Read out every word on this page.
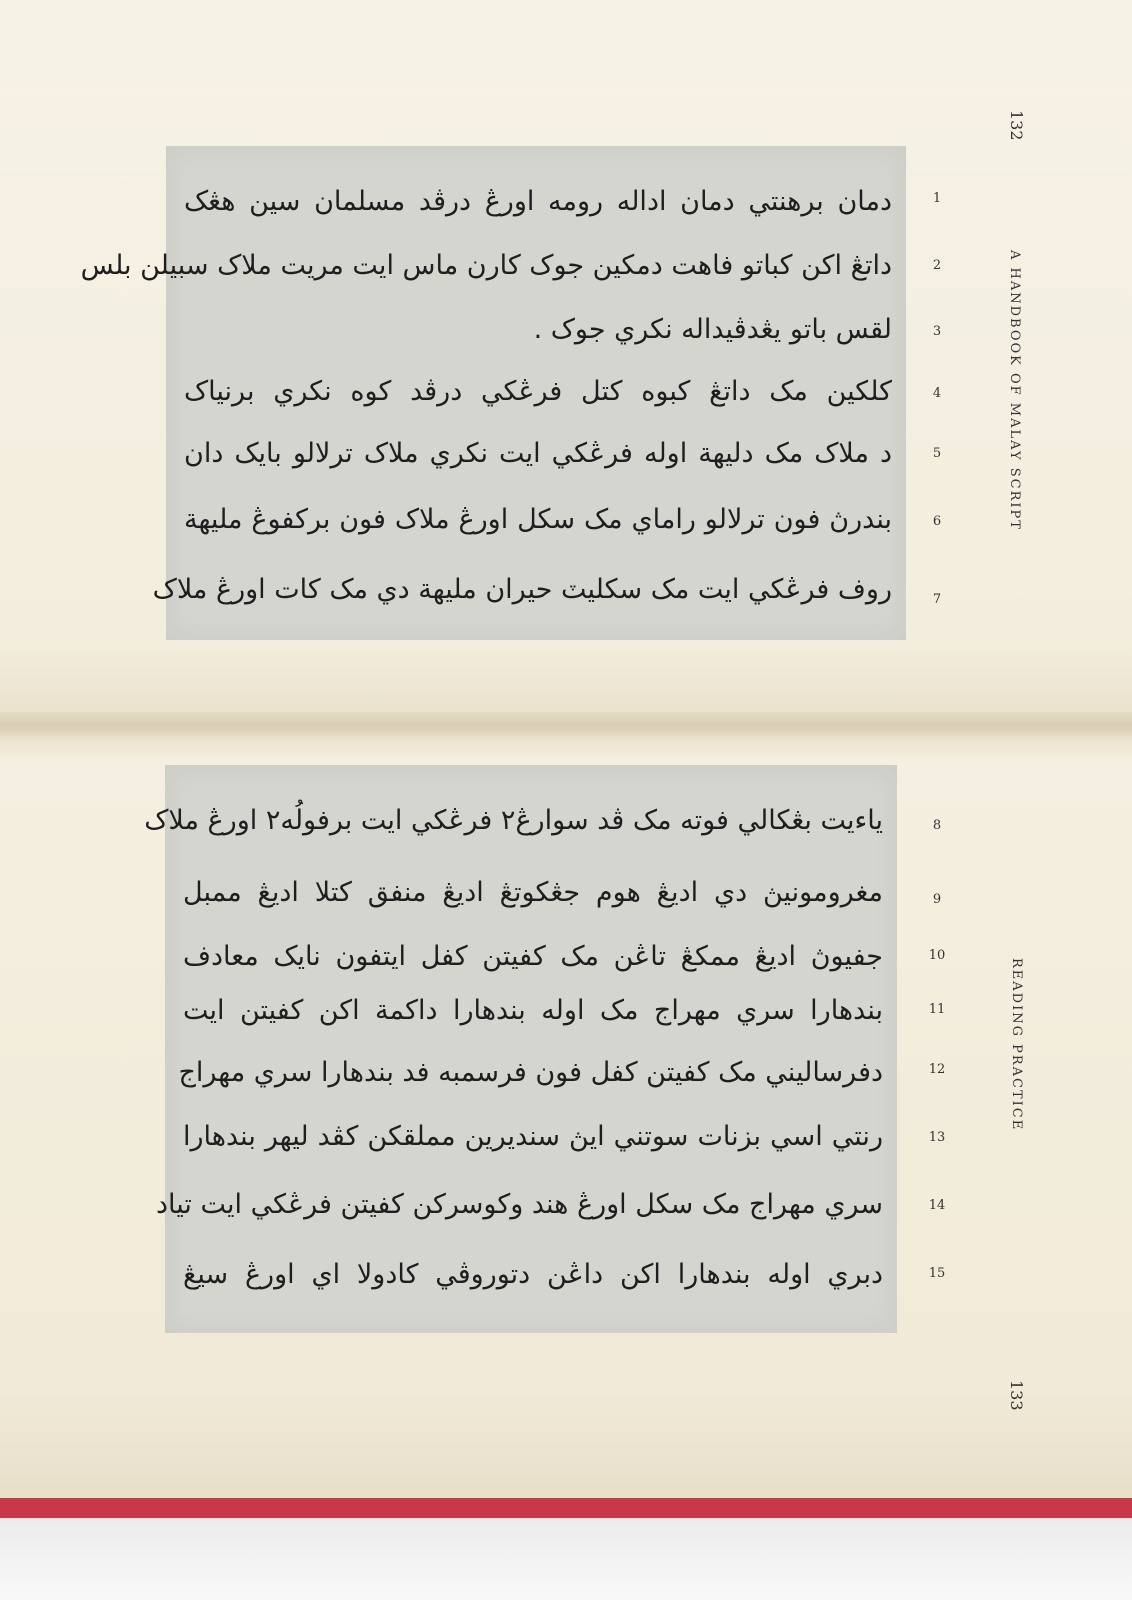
132
A HANDBOOK OF MALAY SCRIPT
دمان برهنتي دمان اداله رومه اورڠ درڤد مسلمان سين هڠک
داتڠ اکن کباتو فاهت دمکين جوک کارن ماس ايت مريت ملاک سبيلن بلس
لقس باتو يڠدڤيداله نکري جوک .
کلکين مک داتڠ کبوه کتل فرڠکي درڤد کوه نکري برنياک
د ملاک مک دليهة اوله فرڠکي ايت نکري ملاک ترلالو بايک دان
بندرڽ فون ترلالو راماي مک سکل اورڠ ملاک فون برکفوڠ مليهة
روف فرڠکي ايت مک سکليٽ حيران مليهة دي مک کات اورڠ ملاک
1
2
3
4
5
6
7
READING PRACTICE
133
ياءيت بڠکالي فوته مک ڤد سوارڠ٢ فرڠکي ايت برفولُه٢ اورڠ ملاک
مغرومونيڽ دي اديڠ هوم جڠکوتڠ اديڠ منفق کتلا اديڠ ممبل
جفيوڽ اديڠ ممکڠ تاڠن مک کفيتن کفل ايتفون نايک معادف
بندهارا سري مهراج مک اوله بندهارا داکمة اکن کفيتن ايت
دفرساليني مک کفيتن کفل فون فرسمبه فد بندهارا سري مهراج
رنتي اسي بزنات سوتني ايڽ سنديرين مملقکن کڤد ليهر بندهارا
سري مهراج مک سکل اورڠ هند وکوسرکن کفيتن فرڠکي ايت تياد
دبري اوله بندهارا اکن داڠن دتوروڤي کادولا اي اورڠ سيڠ
8
9
10
11
12
13
14
15
